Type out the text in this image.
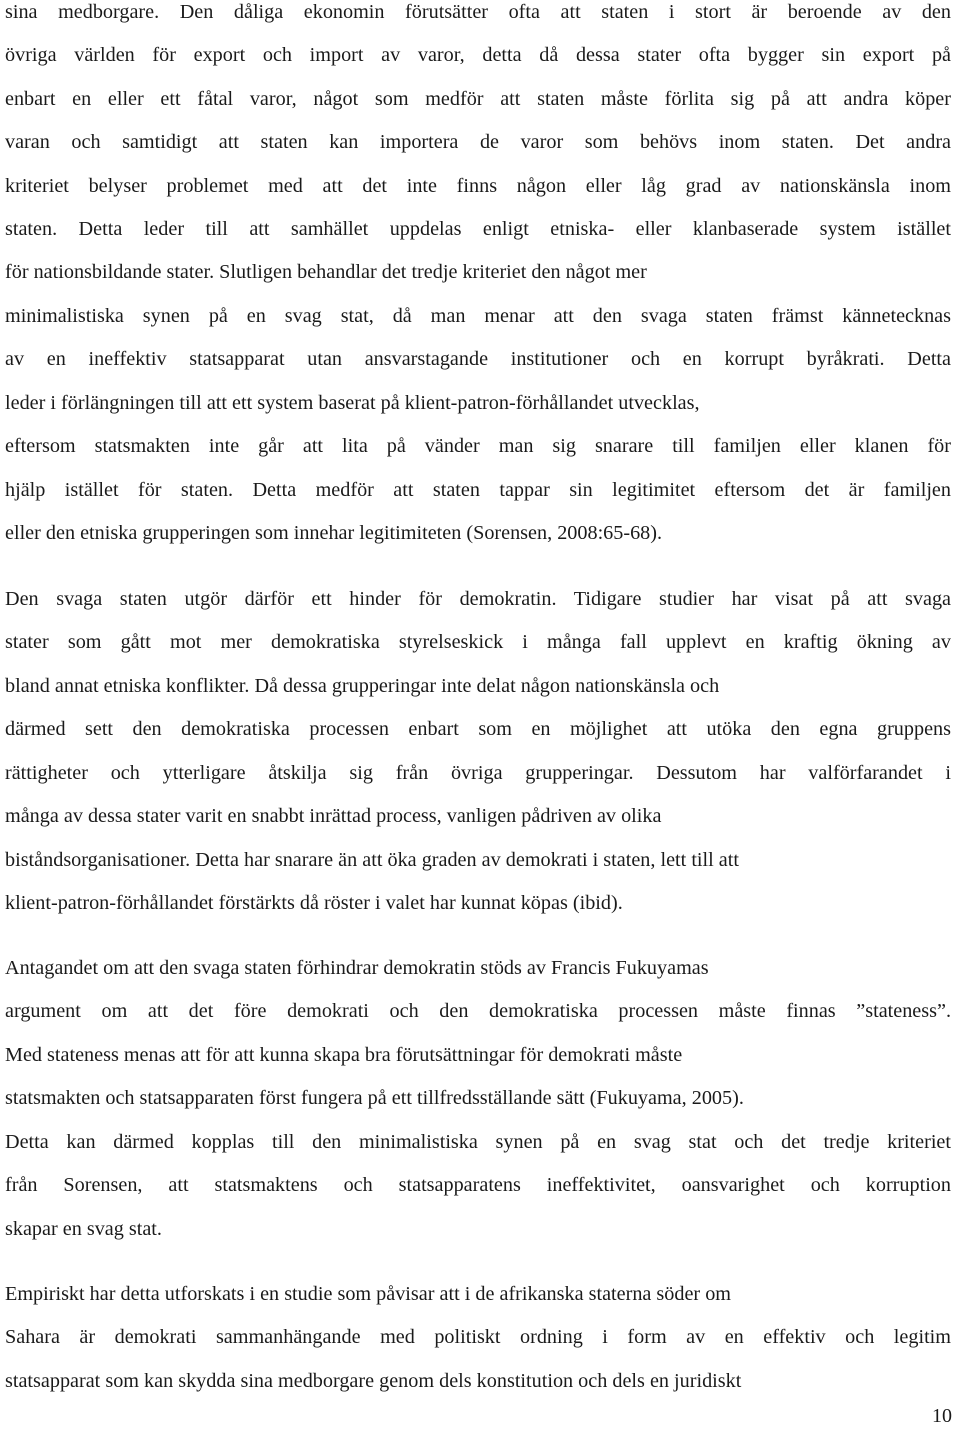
sina medborgare. Den dåliga ekonomin förutsätter ofta att staten i stort är beroende av den

övriga världen för export och import av varor, detta då dessa stater ofta bygger sin export på

enbart en eller ett fåtal varor, något som medför att staten måste förlita sig på att andra köper

varan och samtidigt att staten kan importera de varor som behövs inom staten. Det andra

kriteriet belyser problemet med att det inte finns någon eller låg grad av nationskänsla inom

staten. Detta leder till att samhället uppdelas enligt etniska- eller klanbaserade system istället

för nationsbildande stater. Slutligen behandlar det tredje kriteriet den något mer

minimalistiska synen på en svag stat, då man menar att den svaga staten främst kännetecknas

av en ineffektiv statsapparat utan ansvarstagande institutioner och en korrupt byråkrati. Detta

leder i förlängningen till att ett system baserat på klient-patron-förhållandet utvecklas,

eftersom statsmakten inte går att lita på vänder man sig snarare till familjen eller klanen för

hjälp istället för staten. Detta medför att staten tappar sin legitimitet eftersom det är familjen

eller den etniska grupperingen som innehar legitimiteten (Sorensen, 2008:65-68).

Den svaga staten utgör därför ett hinder för demokratin. Tidigare studier har visat på att svaga

stater som gått mot mer demokratiska styrelseskick i många fall upplevt en kraftig ökning av

bland annat etniska konflikter. Då dessa grupperingar inte delat någon nationskänsla och

därmed sett den demokratiska processen enbart som en möjlighet att utöka den egna gruppens

rättigheter och ytterligare åtskilja sig från övriga grupperingar. Dessutom har valförfarandet i

många av dessa stater varit en snabbt inrättad process, vanligen pådriven av olika

biståndsorganisationer. Detta har snarare än att öka graden av demokrati i staten, lett till att

klient-patron-förhållandet förstärkts då röster i valet har kunnat köpas (ibid).

Antagandet om att den svaga staten förhindrar demokratin stöds av Francis Fukuyamas

argument om att det före demokrati och den demokratiska processen måste finnas ”stateness”.

Med stateness menas att för att kunna skapa bra förutsättningar för demokrati måste

statsmakten och statsapparaten först fungera på ett tillfredsställande sätt (Fukuyama, 2005).

Detta kan därmed kopplas till den minimalistiska synen på en svag stat och det tredje kriteriet

från Sorensen, att statsmaktens och statsapparatens ineffektivitet, oansvarighet och korruption

skapar en svag stat.

Empiriskt har detta utforskats i en studie som påvisar att i de afrikanska staterna söder om

Sahara är demokrati sammanhängande med politiskt ordning i form av en effektiv och legitim

statsapparat som kan skydda sina medborgare genom dels konstitution och dels en juridiskt

10
